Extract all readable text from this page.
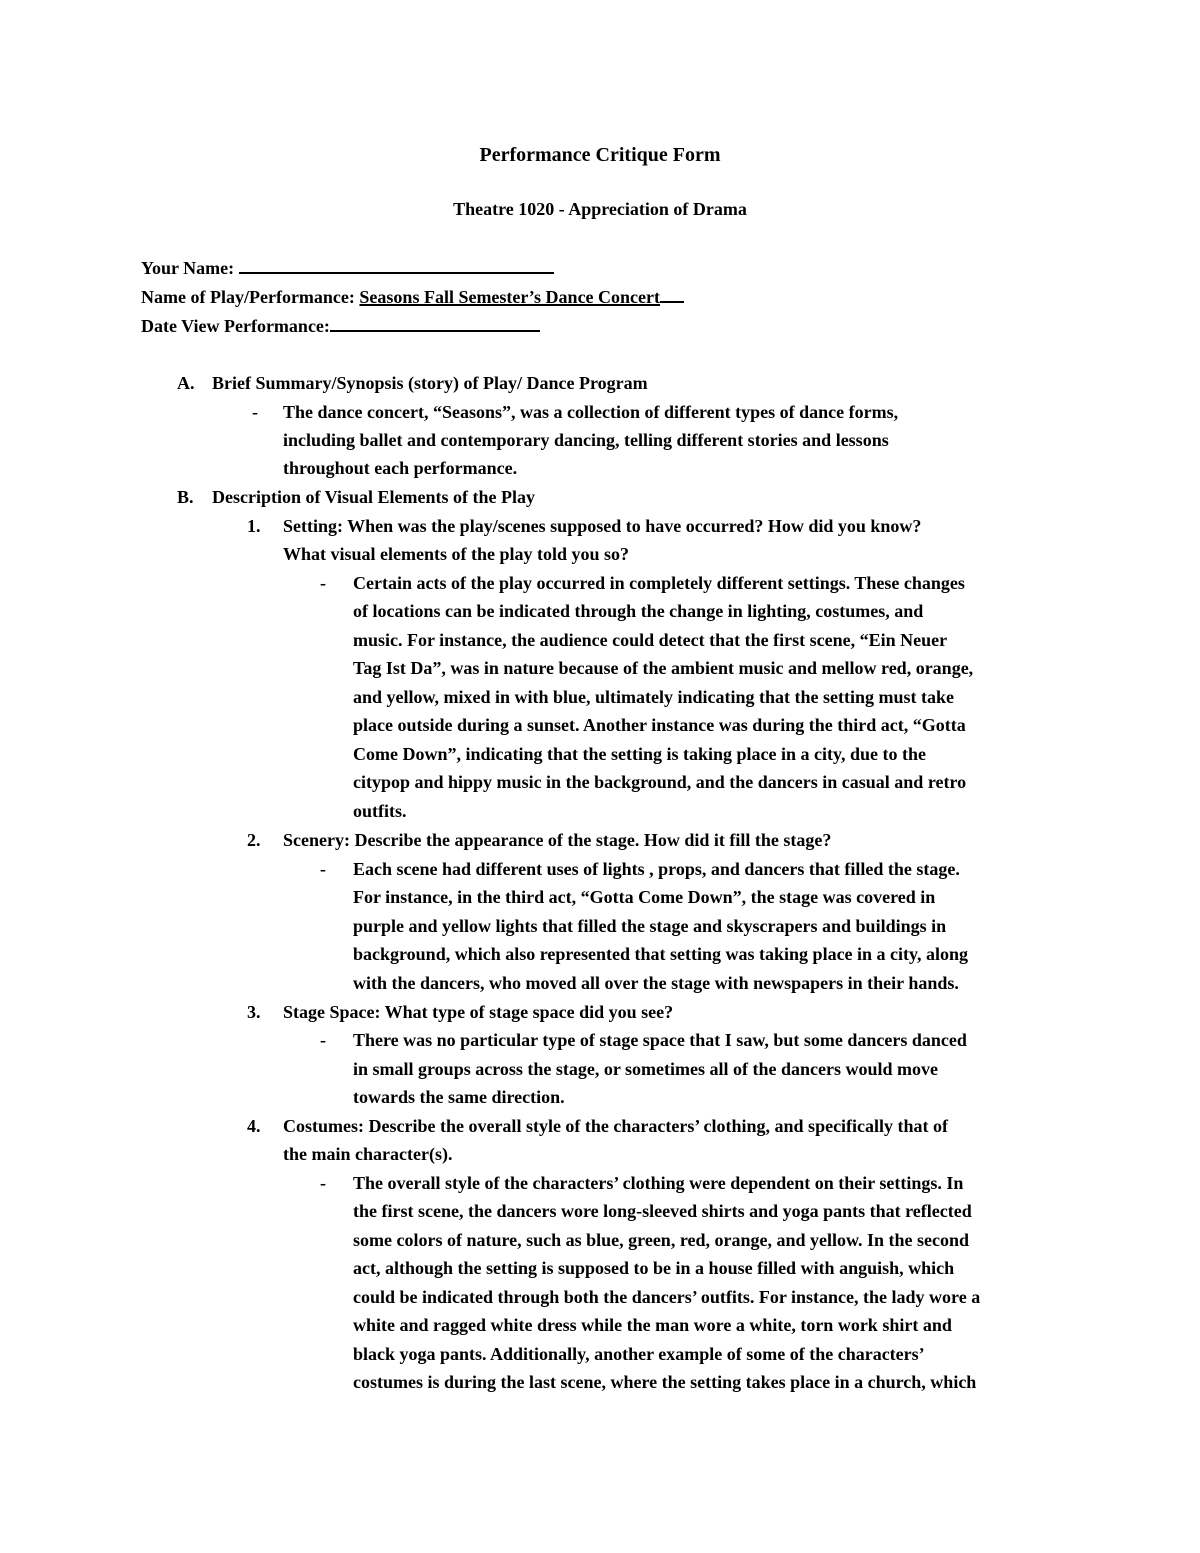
Performance Critique Form
Theatre 1020 - Appreciation of Drama
Your Name:
Name of Play/Performance: Seasons Fall Semester’s Dance Concert
Date View Performance:
A. Brief Summary/Synopsis (story) of Play/ Dance Program
- The dance concert, “Seasons”, was a collection of different types of dance forms,
including ballet and contemporary dancing, telling different stories and lessons
throughout each performance.
B. Description of Visual Elements of the Play
1. Setting: When was the play/scenes supposed to have occurred? How did you know?
What visual elements of the play told you so?
- Certain acts of the play occurred in completely different settings. These changes
of locations can be indicated through the change in lighting, costumes, and
music. For instance, the audience could detect that the first scene, “Ein Neuer
Tag Ist Da”, was in nature because of the ambient music and mellow red, orange,
and yellow, mixed in with blue, ultimately indicating that the setting must take
place outside during a sunset. Another instance was during the third act, “Gotta
Come Down”, indicating that the setting is taking place in a city, due to the
citypop and hippy music in the background, and the dancers in casual and retro
outfits.
2. Scenery: Describe the appearance of the stage. How did it fill the stage?
- Each scene had different uses of lights , props, and dancers that filled the stage.
For instance, in the third act, “Gotta Come Down”, the stage was covered in
purple and yellow lights that filled the stage and skyscrapers and buildings in
background, which also represented that setting was taking place in a city, along
with the dancers, who moved all over the stage with newspapers in their hands.
3. Stage Space: What type of stage space did you see?
- There was no particular type of stage space that I saw, but some dancers danced
in small groups across the stage, or sometimes all of the dancers would move
towards the same direction.
4. Costumes: Describe the overall style of the characters’ clothing, and specifically that of
the main character(s).
- The overall style of the characters’ clothing were dependent on their settings. In
the first scene, the dancers wore long-sleeved shirts and yoga pants that reflected
some colors of nature, such as blue, green, red, orange, and yellow. In the second
act, although the setting is supposed to be in a house filled with anguish, which
could be indicated through both the dancers’ outfits. For instance, the lady wore a
white and ragged white dress while the man wore a white, torn work shirt and
black yoga pants. Additionally, another example of some of the characters’
costumes is during the last scene, where the setting takes place in a church, which
